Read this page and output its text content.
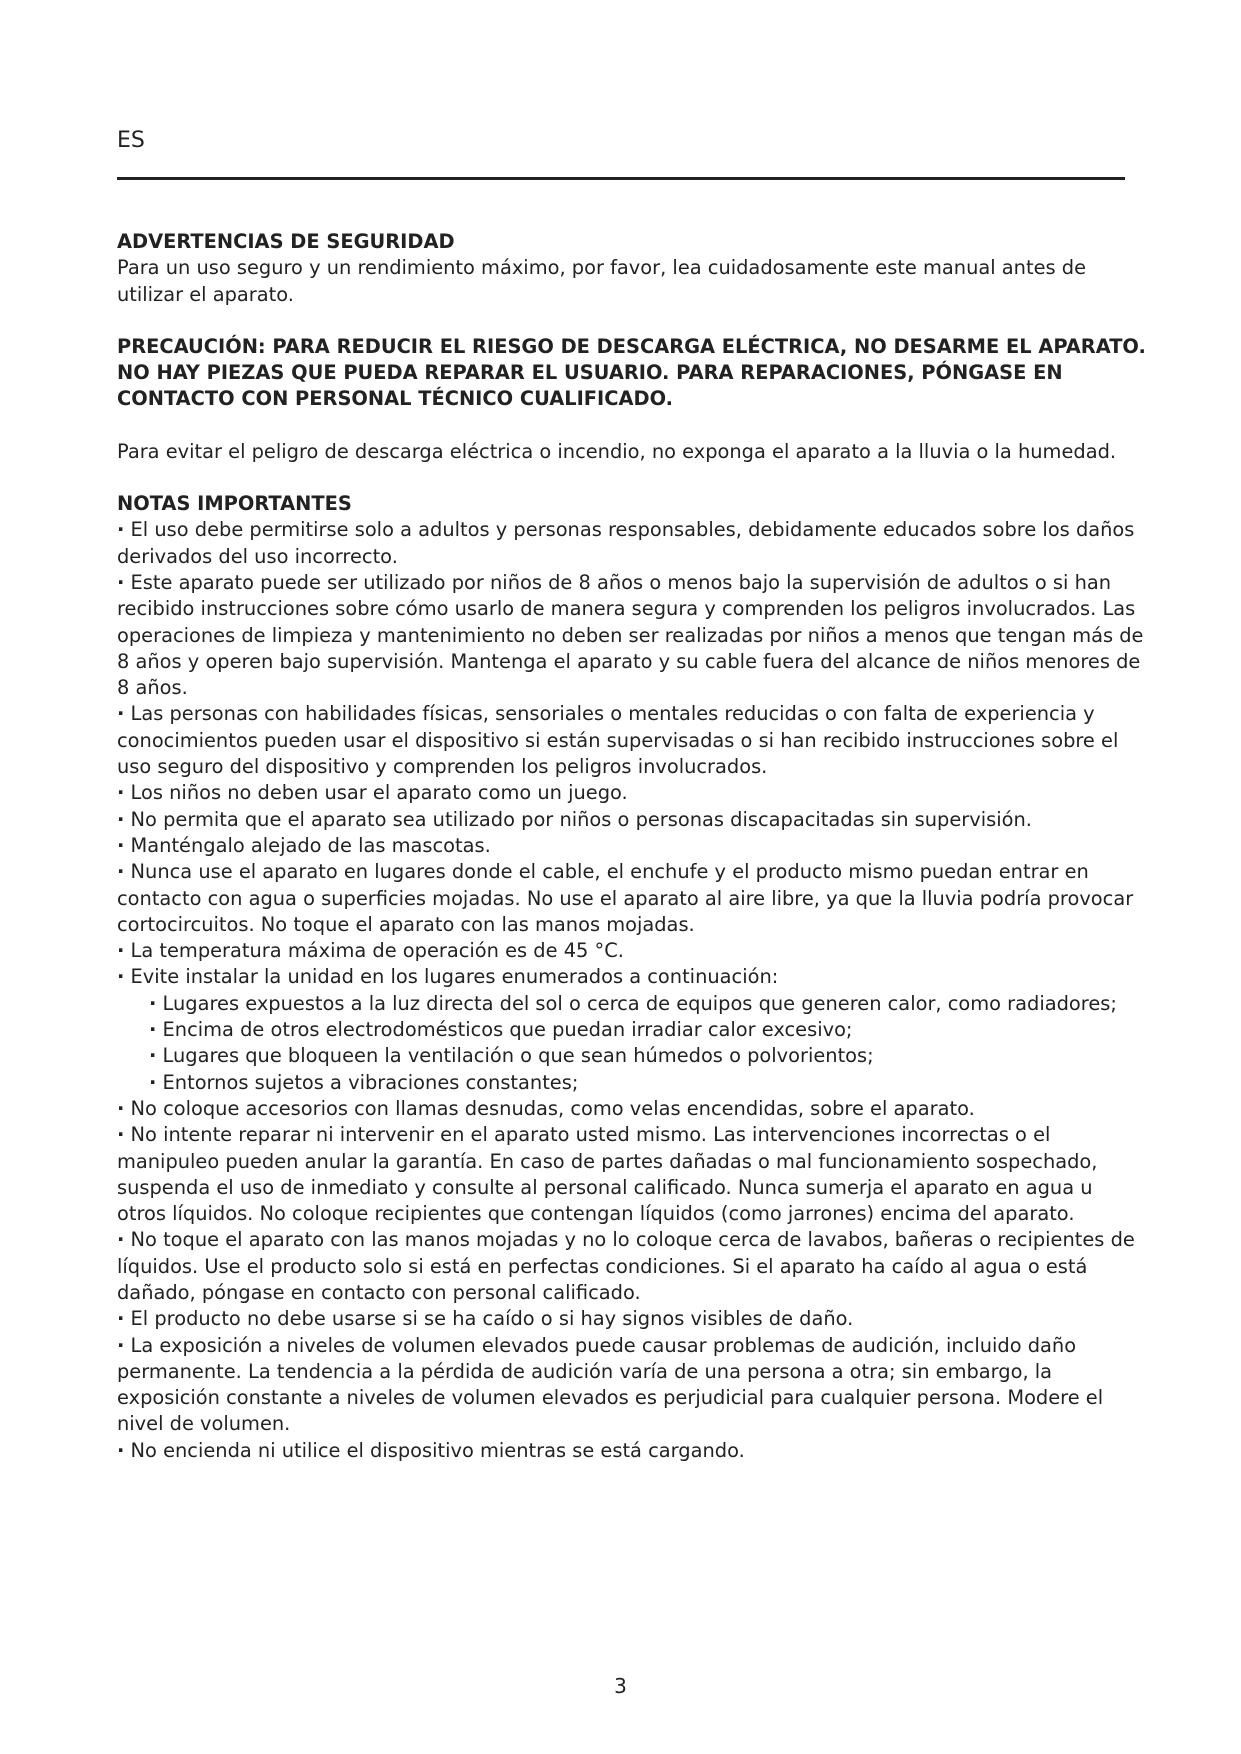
ES

ADVERTENCIAS DE SEGURIDAD

Para un uso seguro y un rendimiento máximo, por favor, lea cuidadosamente este manual antes de utilizar el aparato.

PRECAUCIÓN: PARA REDUCIR EL RIESGO DE DESCARGA ELÉCTRICA, NO DESARME EL APARATO. NO HAY PIEZAS QUE PUEDA REPARAR EL USUARIO. PARA REPARACIONES, PÓNGASE EN CONTACTO CON PERSONAL TÉCNICO CUALIFICADO.

Para evitar el peligro de descarga eléctrica o incendio, no exponga el aparato a la lluvia o la humedad.

NOTAS IMPORTANTES

· El uso debe permitirse solo a adultos y personas responsables, debidamente educados sobre los daños derivados del uso incorrecto.
· Este aparato puede ser utilizado por niños de 8 años o menos bajo la supervisión de adultos o si han recibido instrucciones sobre cómo usarlo de manera segura y comprenden los peligros involucrados. Las operaciones de limpieza y mantenimiento no deben ser realizadas por niños a menos que tengan más de 8 años y operen bajo supervisión. Mantenga el aparato y su cable fuera del alcance de niños menores de 8 años.
· Las personas con habilidades físicas, sensoriales o mentales reducidas o con falta de experiencia y conocimientos pueden usar el dispositivo si están supervisadas o si han recibido instrucciones sobre el uso seguro del dispositivo y comprenden los peligros involucrados.
· Los niños no deben usar el aparato como un juego.
· No permita que el aparato sea utilizado por niños o personas discapacitadas sin supervisión.
· Manténgalo alejado de las mascotas.
· Nunca use el aparato en lugares donde el cable, el enchufe y el producto mismo puedan entrar en contacto con agua o superficies mojadas. No use el aparato al aire libre, ya que la lluvia podría provocar cortocircuitos. No toque el aparato con las manos mojadas.
· La temperatura máxima de operación es de 45 °C.
· Evite instalar la unidad en los lugares enumerados a continuación:
· Lugares expuestos a la luz directa del sol o cerca de equipos que generen calor, como radiadores;
· Encima de otros electrodomésticos que puedan irradiar calor excesivo;
· Lugares que bloqueen la ventilación o que sean húmedos o polvorientos;
· Entornos sujetos a vibraciones constantes;
· No coloque accesorios con llamas desnudas, como velas encendidas, sobre el aparato.
· No intente reparar ni intervenir en el aparato usted mismo. Las intervenciones incorrectas o el manipuleo pueden anular la garantía. En caso de partes dañadas o mal funcionamiento sospechado, suspenda el uso de inmediato y consulte al personal calificado. Nunca sumerja el aparato en agua u otros líquidos. No coloque recipientes que contengan líquidos (como jarrones) encima del aparato.
· No toque el aparato con las manos mojadas y no lo coloque cerca de lavabos, bañeras o recipientes de líquidos. Use el producto solo si está en perfectas condiciones. Si el aparato ha caído al agua o está dañado, póngase en contacto con personal calificado.
· El producto no debe usarse si se ha caído o si hay signos visibles de daño.
· La exposición a niveles de volumen elevados puede causar problemas de audición, incluido daño permanente. La tendencia a la pérdida de audición varía de una persona a otra; sin embargo, la exposición constante a niveles de volumen elevados es perjudicial para cualquier persona. Modere el nivel de volumen.
· No encienda ni utilice el dispositivo mientras se está cargando.
3
